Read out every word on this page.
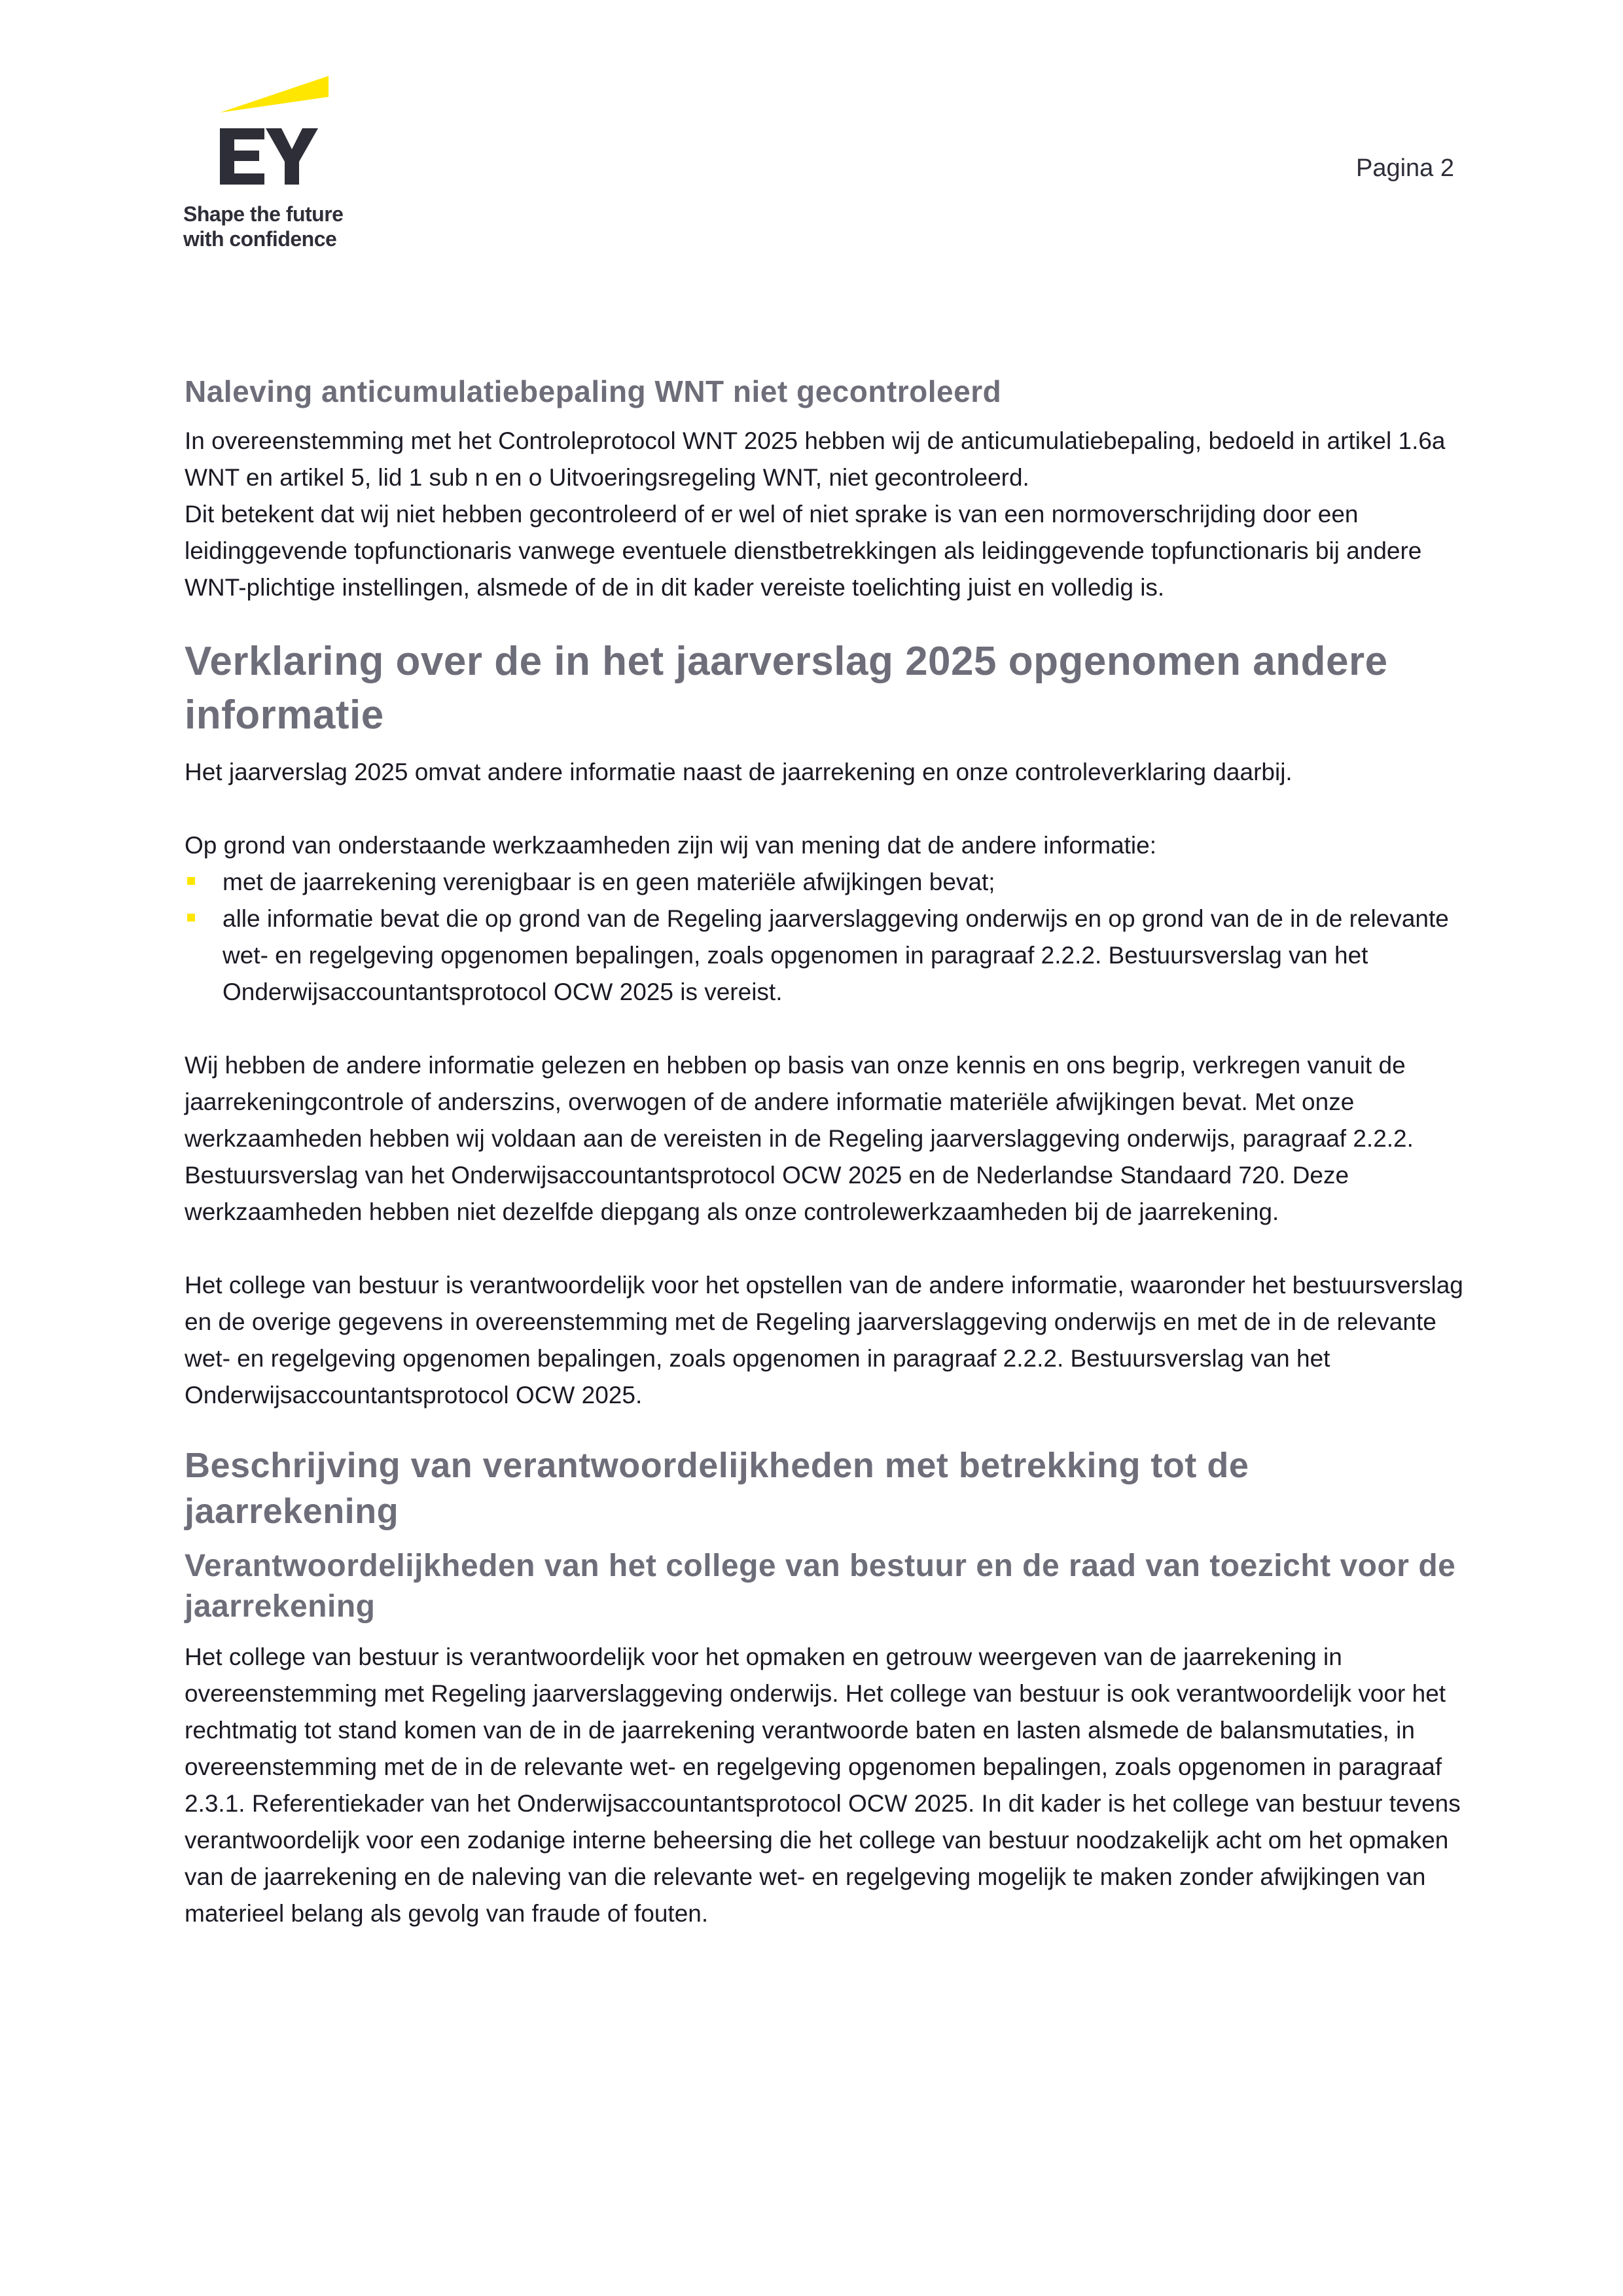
Shape the future
with confidence
Pagina 2
Naleving anticumulatiebepaling WNT niet gecontroleerd

In overeenstemming met het Controleprotocol WNT 2025 hebben wij de anticumulatiebepaling, bedoeld in artikel 1.6a WNT en artikel 5, lid 1 sub n en o Uitvoeringsregeling WNT, niet gecontroleerd.

Dit betekent dat wij niet hebben gecontroleerd of er wel of niet sprake is van een normoverschrijding door een leidinggevende topfunctionaris vanwege eventuele dienstbetrekkingen als leidinggevende topfunctionaris bij andere WNT-plichtige instellingen, alsmede of de in dit kader vereiste toelichting juist en volledig is.

Verklaring over de in het jaarverslag 2025 opgenomen andere informatie

Het jaarverslag 2025 omvat andere informatie naast de jaarrekening en onze controleverklaring daarbij.

Op grond van onderstaande werkzaamheden zijn wij van mening dat de andere informatie:

met de jaarrekening verenigbaar is en geen materiële afwijkingen bevat;
alle informatie bevat die op grond van de Regeling jaarverslaggeving onderwijs en op grond van de in de relevante wet- en regelgeving opgenomen bepalingen, zoals opgenomen in paragraaf 2.2.2. Bestuursverslag van het Onderwijsaccountantsprotocol OCW 2025 is vereist.

Wij hebben de andere informatie gelezen en hebben op basis van onze kennis en ons begrip, verkregen vanuit de jaarrekeningcontrole of anderszins, overwogen of de andere informatie materiële afwijkingen bevat. Met onze werkzaamheden hebben wij voldaan aan de vereisten in de Regeling jaarverslaggeving onderwijs, paragraaf 2.2.2. Bestuursverslag van het Onderwijsaccountantsprotocol OCW 2025 en de Nederlandse Standaard 720. Deze werkzaamheden hebben niet dezelfde diepgang als onze controlewerkzaamheden bij de jaarrekening.

Het college van bestuur is verantwoordelijk voor het opstellen van de andere informatie, waaronder het bestuursverslag en de overige gegevens in overeenstemming met de Regeling jaarverslaggeving onderwijs en met de in de relevante wet- en regelgeving opgenomen bepalingen, zoals opgenomen in paragraaf 2.2.2. Bestuursverslag van het Onderwijsaccountantsprotocol OCW 2025.

Beschrijving van verantwoordelijkheden met betrekking tot de jaarrekening
Verantwoordelijkheden van het college van bestuur en de raad van toezicht voor de jaarrekening

Het college van bestuur is verantwoordelijk voor het opmaken en getrouw weergeven van de jaarrekening in overeenstemming met Regeling jaarverslaggeving onderwijs. Het college van bestuur is ook verantwoordelijk voor het rechtmatig tot stand komen van de in de jaarrekening verantwoorde baten en lasten alsmede de balansmutaties, in overeenstemming met de in de relevante wet- en regelgeving opgenomen bepalingen, zoals opgenomen in paragraaf 2.3.1. Referentiekader van het Onderwijsaccountantsprotocol OCW 2025. In dit kader is het college van bestuur tevens verantwoordelijk voor een zodanige interne beheersing die het college van bestuur noodzakelijk acht om het opmaken van de jaarrekening en de naleving van die relevante wet- en regelgeving mogelijk te maken zonder afwijkingen van materieel belang als gevolg van fraude of fouten.
